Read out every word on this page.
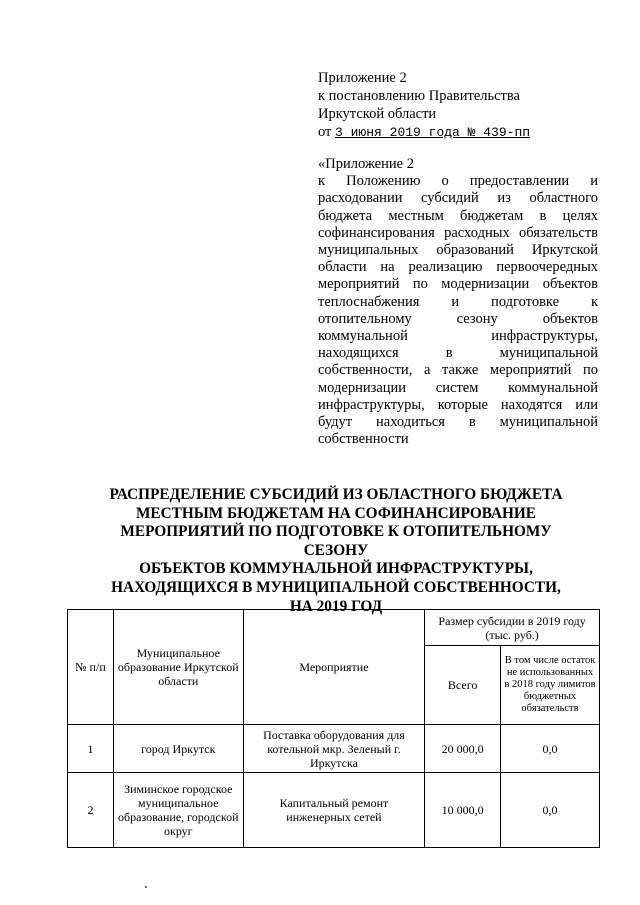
Приложение 2
к постановлению Правительства
Иркутской области
от 3 июня 2019 года № 439-пп
«Приложение 2
к Положению о предоставлении и расходовании субсидий из областного бюджета местным бюджетам в целях софинансирования расходных обязательств муниципальных образований Иркутской области на реализацию первоочередных мероприятий по модернизации объектов теплоснабжения и подготовке к отопительному сезону объектов коммунальной инфраструктуры, находящихся в муниципальной собственности, а также мероприятий по модернизации систем коммунальной инфраструктуры, которые находятся или будут находиться в муниципальной собственности
РАСПРЕДЕЛЕНИЕ СУБСИДИЙ ИЗ ОБЛАСТНОГО БЮДЖЕТА
МЕСТНЫМ БЮДЖЕТАМ НА СОФИНАНСИРОВАНИЕ
МЕРОПРИЯТИЙ ПО ПОДГОТОВКЕ К ОТОПИТЕЛЬНОМУ СЕЗОНУ
ОБЪЕКТОВ КОММУНАЛЬНОЙ ИНФРАСТРУКТУРЫ,
НАХОДЯЩИХСЯ В МУНИЦИПАЛЬНОЙ СОБСТВЕННОСТИ,
НА 2019 ГОД
№ п/п	Муниципальное образование Иркутской области	Мероприятие	Размер субсидии в 2019 году (тыс. руб.)	
			Всего	В том числе остаток не использованных в 2018 году лимитов бюджетных обязательств
1	город Иркутск	Поставка оборудования для котельной мкр. Зеленый г. Иркутска	20 000,0	0,0
2	Зиминское городское муниципальное образование, городской округ	Капитальный ремонт инженерных сетей	10 000,0	0,0
